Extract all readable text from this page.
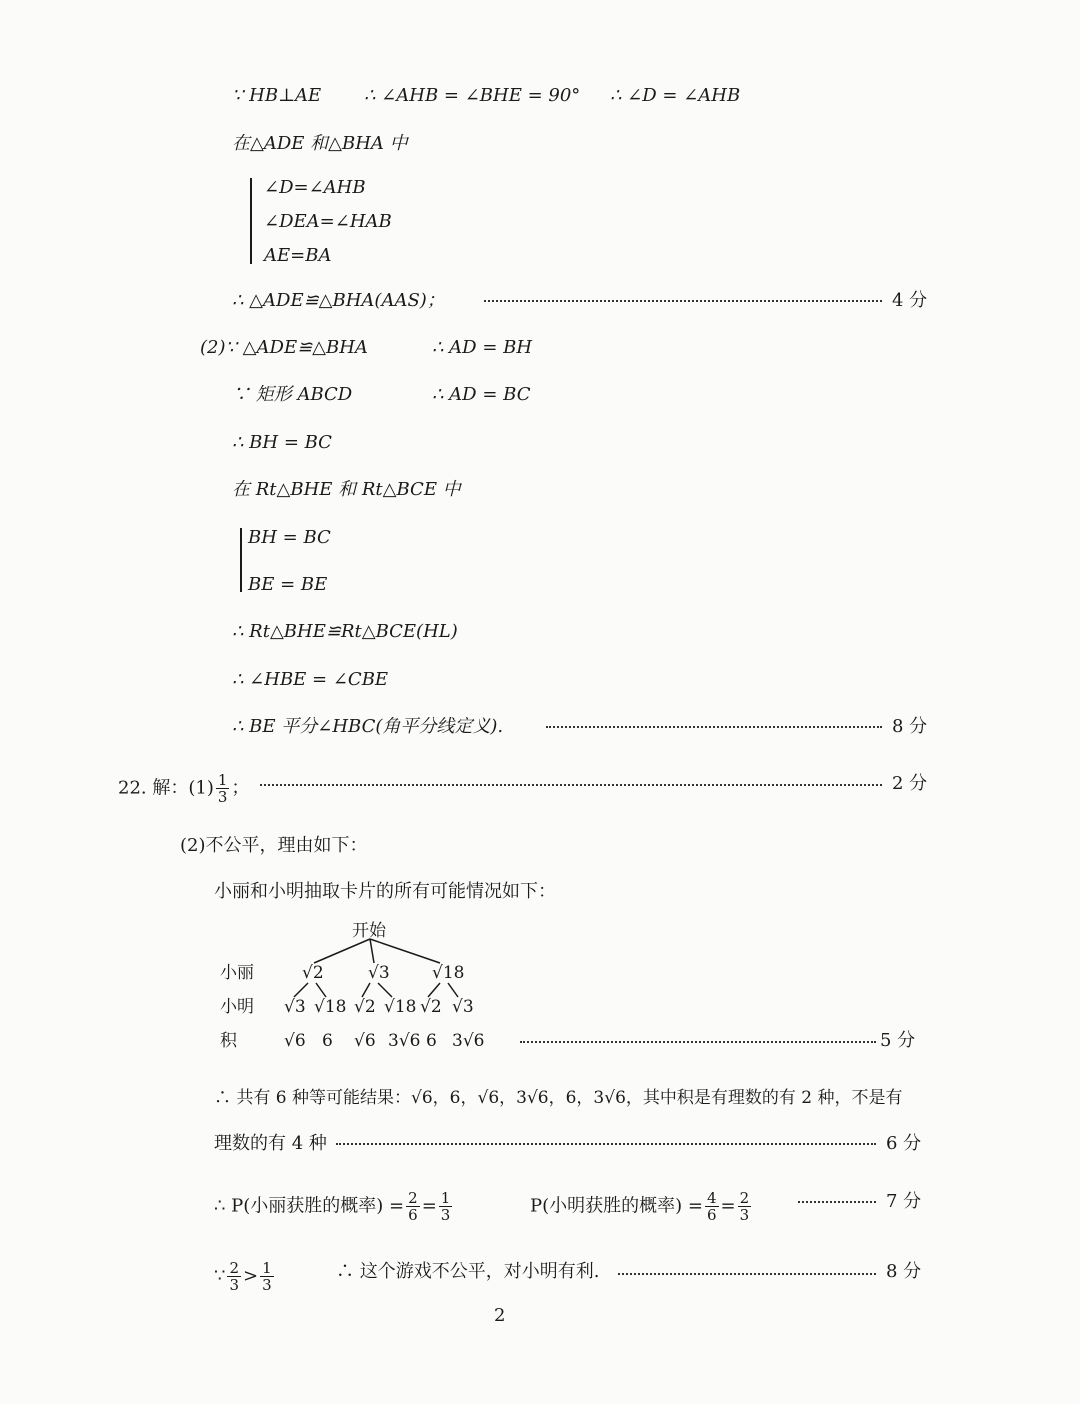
∵ HB⊥AE ∴ ∠AHB = ∠BHE = 90° ∴ ∠D = ∠AHB
在△ADE 和△BHA 中
∠D=∠AHB
∠DEA=∠HAB
AE=BA
∴ △ADE≌△BHA(AAS)；	4 分
(2)∵ △ADE≌△BHA	∴ AD = BH
∵ 矩形 ABCD	∴ AD = BC
∴ BH = BC
在 Rt△BHE 和 Rt△BCE 中
BH = BC
BE = BE
∴ Rt△BHE≌Rt△BCE(HL)
∴ ∠HBE = ∠CBE
∴ BE 平分∠HBC(角平分线定义).	8 分
22. 解：$(1) \frac{1}{3}$ ；	2 分
(2)不公平，理由如下：
小丽和小明抽取卡片的所有可能情况如下：
开始
小丽
小明
积
√2	√3 √18
√3 √18 √2 √18 √2 √3
√6 6 √6 3√6 6 3√6	5 分
∴ 共有 6 种等可能结果：√6，6，√6，3√6，6，3√6，其中积是有理数的有 2 种，不是有
理数的有 4 种	6 分
∴ P(小丽获胜的概率) = $\frac{2}{6} = \frac{1}{3}$	P(小明获胜的概率) = $\frac{4}{6} = \frac{2}{3}$	7 分
∵ $\frac{2}{3} > \frac{1}{3}$	∴ 这个游戏不公平，对小明有利.	8 分
2
